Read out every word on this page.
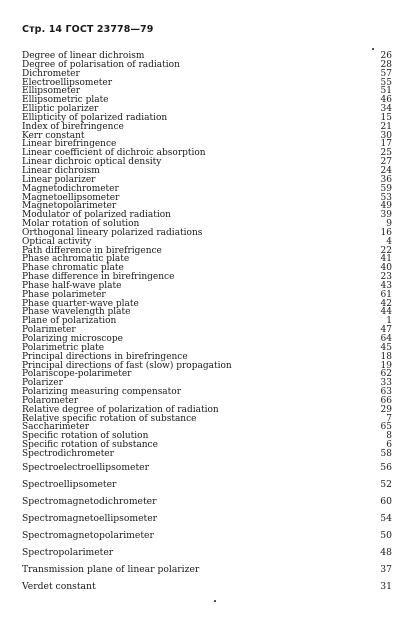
Стр. 14 ГОСТ 23778—79
Degree of linear dichroism	26
Degree of polarisation of radiation	28
Dichrometer	57
Electroellipsometer	55
Ellipsometer	51
Ellipsometric plate	46
Elliptic polarizer	34
Ellipticity of polarized radiation	15
Index of birefringence	21
Kerr constant	30
Linear birefringence	17
Linear coefficient of dichroic absorption	25
Linear dichroic optical density	27
Linear dichroism	24
Linear polarizer	36
Magnetodichrometer	59
Magnetoellipsometer	53
Magnetopolarimeter	49
Modulator of polarized radiation	39
Molar rotation of solution	9
Orthogonal lineary polarized radiations	16
Optical activity	4
Path difference in birefrigence	22
Phase achromatic plate	41
Phase chromatic plate	40
Phase difference in birefringence	23
Phase half-wave plate	43
Phase polarimeter	61
Phase quarter-wave plate	42
Phase wavelength plate	44
Plane of polarization	1
Polarimeter	47
Polarizing microscope	64
Polarimetric plate	45
Principal directions in birefringence	18
Principal directions of fast (slow) propagation	19
Polariscope-polarimeter	62
Polarizer	33
Polarizing measuring compensator	63
Polarometer	66
Relative degree of polarization of radiation	29
Relative specific rotation of substance	7
Saccharimeter	65
Specific rotation of solution	8
Specific rotation of substance	6
Spectrodichrometer	58
Spectroelectroellipsometer	56
Spectroellipsometer	52
Spectromagnetodichrometer	60
Spectromagnetoellipsometer	54
Spectromagnetopolarimeter	50
Spectropolarimeter	48
Transmission plane of linear polarizer	37
Verdet constant	31
